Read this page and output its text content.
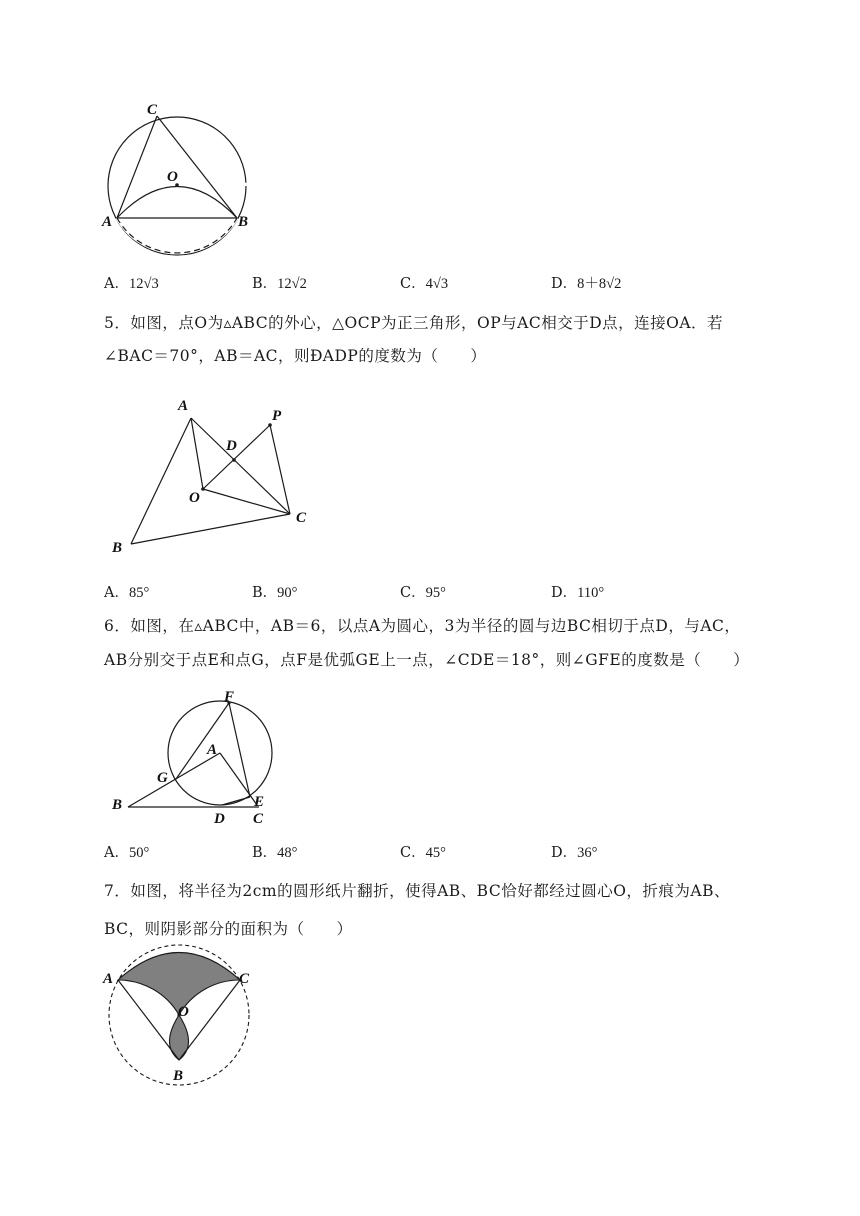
C
O
A	B
A．12√3	B．12√2	C．4√3	D．8＋8√2
5．如图，点O为▵ABC的外心，△OCP为正三角形，OP与AC相交于D点，连接OA．若
∠BAC＝70°，AB＝AC，则ÐADP的度数为（　　）
A
P
D
O
C
B
A．85°	B．90°	C．95°	D．110°
6．如图，在▵ABC中，AB＝6，以点A为圆心，3为半径的圆与边BC相切于点D，与AC，
AB分别交于点E和点G，点F是优弧GE上一点，∠CDE＝18°，则∠GFE的度数是（　　）
F
A
G
B	E
D C
A．50°	B．48°	C．45°	D．36°
7．如图，将半径为2cm的圆形纸片翻折，使得AB、BC恰好都经过圆心O，折痕为AB、
BC，则阴影部分的面积为（　　）
A	C
O
B
